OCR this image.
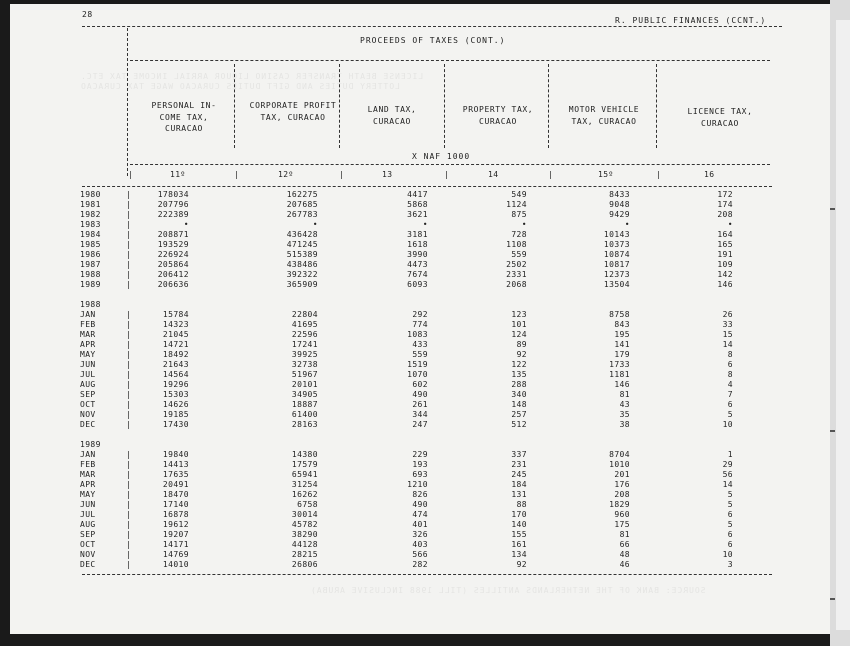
LICENSE BEATH TRANSFER CASINO LIQUOR ARRIAL INCOME TAX ETC.
LOTTERY DUTIES AND GIFT DUTIES CURACAO WAGE TAX CURACAO
SOURCE: BANK OF THE NETHERLANDS ANTILLES (TILL 1988 INCLUSIVE ARUBA)
28
R. PUBLIC FINANCES (CCNT.)
PROCEEDS OF TAXES (CONT.)
PERSONAL IN- COME TAX, CURACAO
CORPORATE PROFIT TAX, CURACAO
LAND TAX, CURACAO
PROPERTY TAX, CURACAO
MOTOR VEHICLE TAX, CURACAO
LICENCE TAX, CURACAO
X NAF 1000
|	11º	|	12º	|	13	|	14	|	15º	|	16
1980	|	178034	162275	4417	549	8433	172
1981	|	207796	207685	5868	1124	9048	174
1982	|	222389	267783	3621	875	9429	208
1983	|	•	•	•	•	•	•
1984	|	208871	436428	3181	728	10143	164
1985	|	193529	471245	1618	1108	10373	165
1986	|	226924	515389	3990	559	10874	191
1987	|	205864	438486	4473	2502	10817	109
1988	|	206412	392322	7674	2331	12373	142
1989	|	206636	365909	6093	2068	13504	146
1988
JAN	|	15784	22804	292	123	8758	26
FEB	|	14323	41695	774	101	843	33
MAR	|	21045	22596	1083	124	195	15
APR	|	14721	17241	433	89	141	14
MAY	|	18492	39925	559	92	179	8
JUN	|	21643	32738	1519	122	1733	6
JUL	|	14564	51967	1070	135	1181	8
AUG	|	19296	20101	602	288	146	4
SEP	|	15303	34905	490	340	81	7
OCT	|	14626	18887	261	148	43	6
NOV	|	19185	61400	344	257	35	5
DEC	|	17430	28163	247	512	38	10
1989
JAN	|	19840	14380	229	337	8704	1
FEB	|	14413	17579	193	231	1010	29
MAR	|	17635	65941	693	245	201	56
APR	|	20491	31254	1210	184	176	14
MAY	|	18470	16262	826	131	208	5
JUN	|	17140	6758	490	88	1829	5
JUL	|	16878	30014	474	170	960	6
AUG	|	19612	45782	401	140	175	5
SEP	|	19207	38290	326	155	81	6
OCT	|	14171	44128	403	161	66	6
NOV	|	14769	28215	566	134	48	10
DEC	|	14010	26806	282	92	46	3
